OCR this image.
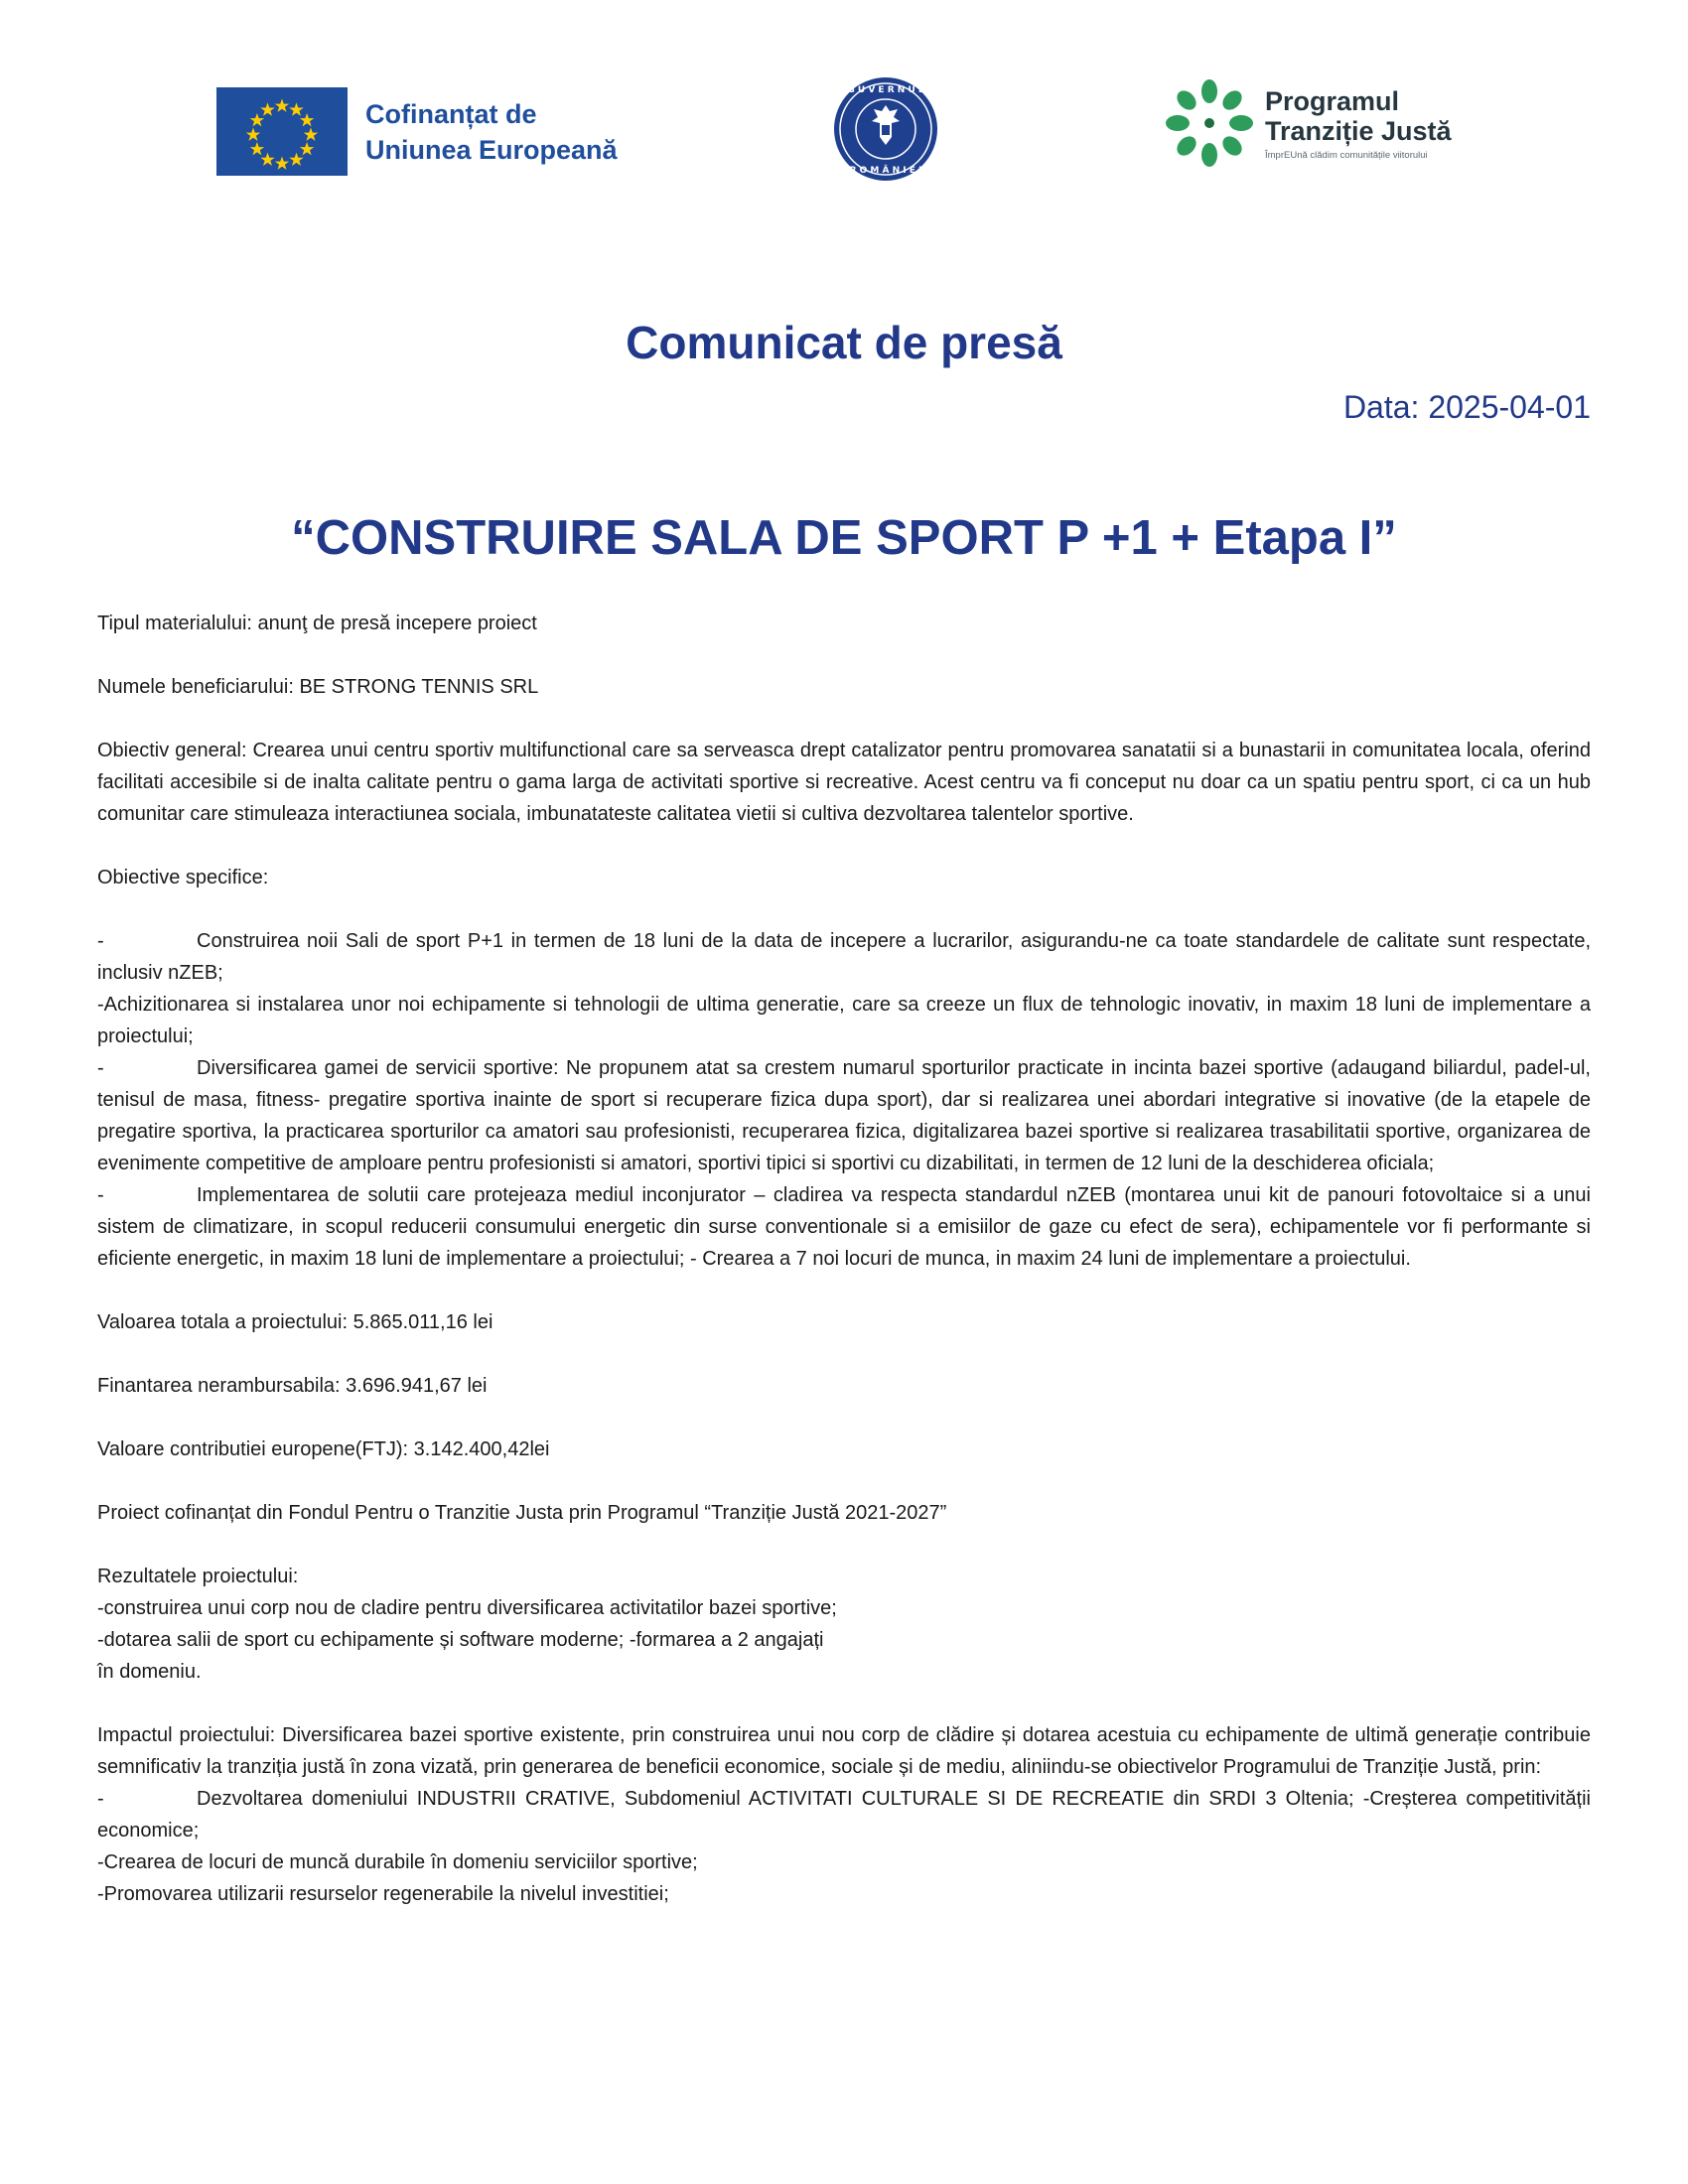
Cofinanțat de
Uniunea Europeană
G U V E R N U L
R O M Â N I E I
Programul
Tranziție Justă
ÎmprEUnă clădim comunitățile viitorului
Comunicat de presă
Data: 2025-04-01
“CONSTRUIRE SALA DE SPORT P +1 + Etapa I”

Tipul materialului: anunţ de presă incepere proiect

Numele beneficiarului: BE STRONG TENNIS SRL

Obiectiv general: Crearea unui centru sportiv multifunctional care sa serveasca drept catalizator pentru promovarea sanatatii si a bunastarii in comunitatea locala, oferind facilitati accesibile si de inalta calitate pentru o gama larga de activitati sportive si recreative. Acest centru va fi conceput nu doar ca un spatiu pentru sport, ci ca un hub comunitar care stimuleaza interactiunea sociala, imbunatateste calitatea vietii si cultiva dezvoltarea talentelor sportive.

Obiective specifice:

-	Construirea noii Sali de sport P+1 in termen de 18 luni de la data de incepere a lucrarilor, asigurandu-ne ca toate standardele de calitate sunt respectate, inclusiv nZEB;

-Achizitionarea si instalarea unor noi echipamente si tehnologii de ultima generatie, care sa creeze un flux de tehnologic inovativ, in maxim 18 luni de implementare a proiectului;

-	Diversificarea gamei de servicii sportive: Ne propunem atat sa crestem numarul sporturilor practicate in incinta bazei sportive (adaugand biliardul, padel-ul, tenisul de masa, fitness- pregatire sportiva inainte de sport si recuperare fizica dupa sport), dar si realizarea unei abordari integrative si inovative (de la etapele de pregatire sportiva, la practicarea sporturilor ca amatori sau profesionisti, recuperarea fizica, digitalizarea bazei sportive si realizarea trasabilitatii sportive, organizarea de evenimente competitive de amploare pentru profesionisti si amatori, sportivi tipici si sportivi cu dizabilitati, in termen de 12 luni de la deschiderea oficiala;

-	Implementarea de solutii care protejeaza mediul inconjurator – cladirea va respecta standardul nZEB (montarea unui kit de panouri fotovoltaice si a unui sistem de climatizare, in scopul reducerii consumului energetic din surse conventionale si a emisiilor de gaze cu efect de sera), echipamentele vor fi performante si eficiente energetic, in maxim 18 luni de implementare a proiectului; - Crearea a 7 noi locuri de munca, in maxim 24 luni de implementare a proiectului.

Valoarea totala a proiectului: 5.865.011,16 lei

Finantarea nerambursabila: 3.696.941,67 lei

Valoare contributiei europene(FTJ): 3.142.400,42lei

Proiect cofinanțat din Fondul Pentru o Tranzitie Justa prin Programul “Tranziție Justă 2021-2027”

Rezultatele proiectului:

-construirea unui corp nou de cladire pentru diversificarea activitatilor bazei sportive;

-dotarea salii de sport cu echipamente și software moderne; -formarea a 2 angajați

în domeniu.

Impactul proiectului: Diversificarea bazei sportive existente, prin construirea unui nou corp de clădire și dotarea acestuia cu echipamente de ultimă generație contribuie semnificativ la tranziția justă în zona vizată, prin generarea de beneficii economice, sociale și de mediu, aliniindu-se obiectivelor Programului de Tranziție Justă, prin:

-	Dezvoltarea domeniului INDUSTRII CRATIVE, Subdomeniul ACTIVITATI CULTURALE SI DE RECREATIE din SRDI 3 Oltenia; -Creșterea competitivității economice;

-Crearea de locuri de muncă durabile în domeniu serviciilor sportive;

-Promovarea utilizarii resurselor regenerabile la nivelul investitiei;
